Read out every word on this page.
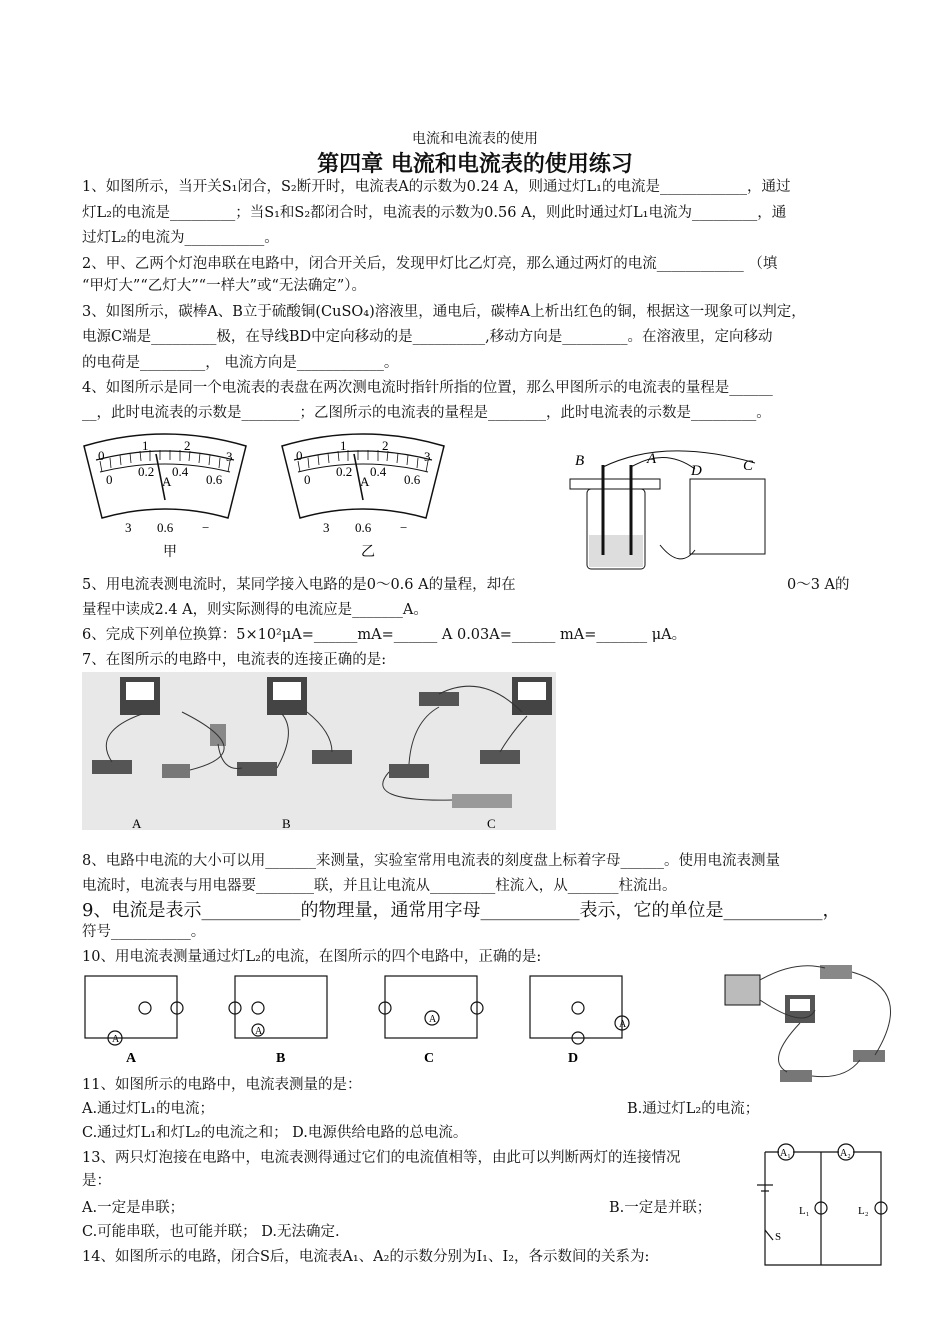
电流和电流表的使用
第四章 电流和电流表的使用练习
1、如图所示，当开关S₁闭合，S₂断开时，电流表A的示数为0.24 A，则通过灯L₁的电流是____________，通过
灯L₂的电流是_________；当S₁和S₂都闭合时，电流表的示数为0.56 A，则此时通过灯L₁电流为_________，通
过灯L₂的电流为___________。
2、甲、乙两个灯泡串联在电路中，闭合开关后，发现甲灯比乙灯亮，那么通过两灯的电流____________ （填
“甲灯大”“乙灯大”“一样大”或“无法确定”）。
3、如图所示，碳棒A、B立于硫酸铜(CuSO₄)溶液里，通电后，碳棒A上析出红色的铜，根据这一现象可以判定，
电源C端是_________极，在导线BD中定向移动的是__________,移动方向是_________。在溶液里，定向移动
的电荷是_________， 电流方向是____________。
4、如图所示是同一个电流表的表盘在两次测电流时指针所指的位置，那么甲图所示的电流表的量程是______
__，此时电流表的示数是________；乙图所示的电流表的量程是________，此时电流表的示数是_________。
0
1	2
3
0
0.2 0.4
0.6
A
3 0.6 −
甲
0
1	2
3
0
0.2 0.4
0.6
A
3 0.6 −
乙
B	A
D	C
5、用电流表测电流时，某同学接入电路的是0～0.6 A的量程，却在	0～3 A的
量程中读成2.4 A，则实际测得的电流应是_______A。
6、完成下列单位换算：5×10²μA=______mA=______ A 0.03A=______ mA=_______ μA。
7、在图所示的电路中，电流表的连接正确的是:
A	B	C
8、电路中电流的大小可以用_______来测量，实验室常用电流表的刻度盘上标着字母______。使用电流表测量
电流时，电流表与用电器要________联，并且让电流从_________柱流入，从_______柱流出。
9、电流是表示___________的物理量，通常用字母___________表示，它的单位是___________，
符号___________。
10、用电流表测量通过灯L₂的电流，在图所示的四个电路中，正确的是:
A
A
A	A
A	B	C	D
11、如图所示的电路中，电流表测量的是：
A.通过灯L₁的电流；	B.通过灯L₂的电流；
C.通过灯L₁和灯L₂的电流之和； D.电源供给电路的总电流。
13、两只灯泡接在电路中，电流表测得通过它们的电流值相等，由此可以判断两灯的连接情况
是：
A.一定是串联；	B.一定是并联；
C.可能串联，也可能并联； D.无法确定.
14、如图所示的电路，闭合S后，电流表A₁、A₂的示数分别为I₁、I₂，各示数间的关系为:
A₁	A₂
L₁	L₂
S
